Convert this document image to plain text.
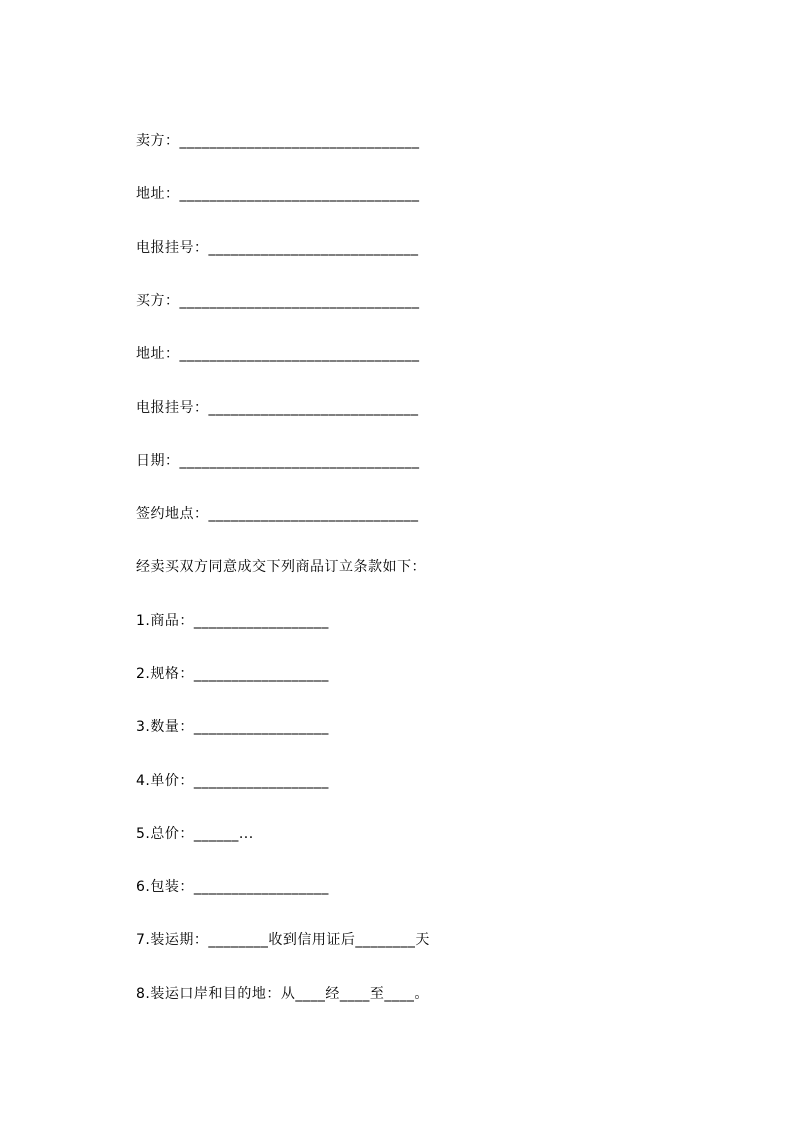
卖方：________________________________
地址：________________________________
电报挂号：____________________________
买方：________________________________
地址：________________________________
电报挂号：____________________________
日期：________________________________
签约地点：____________________________
经卖买双方同意成交下列商品订立条款如下：
1.商品：__________________
2.规格：__________________
3.数量：__________________
4.单价：__________________
5.总价：______...
6.包装：__________________
7.装运期：________收到信用证后________天
8.装运口岸和目的地：从____经____至____。
